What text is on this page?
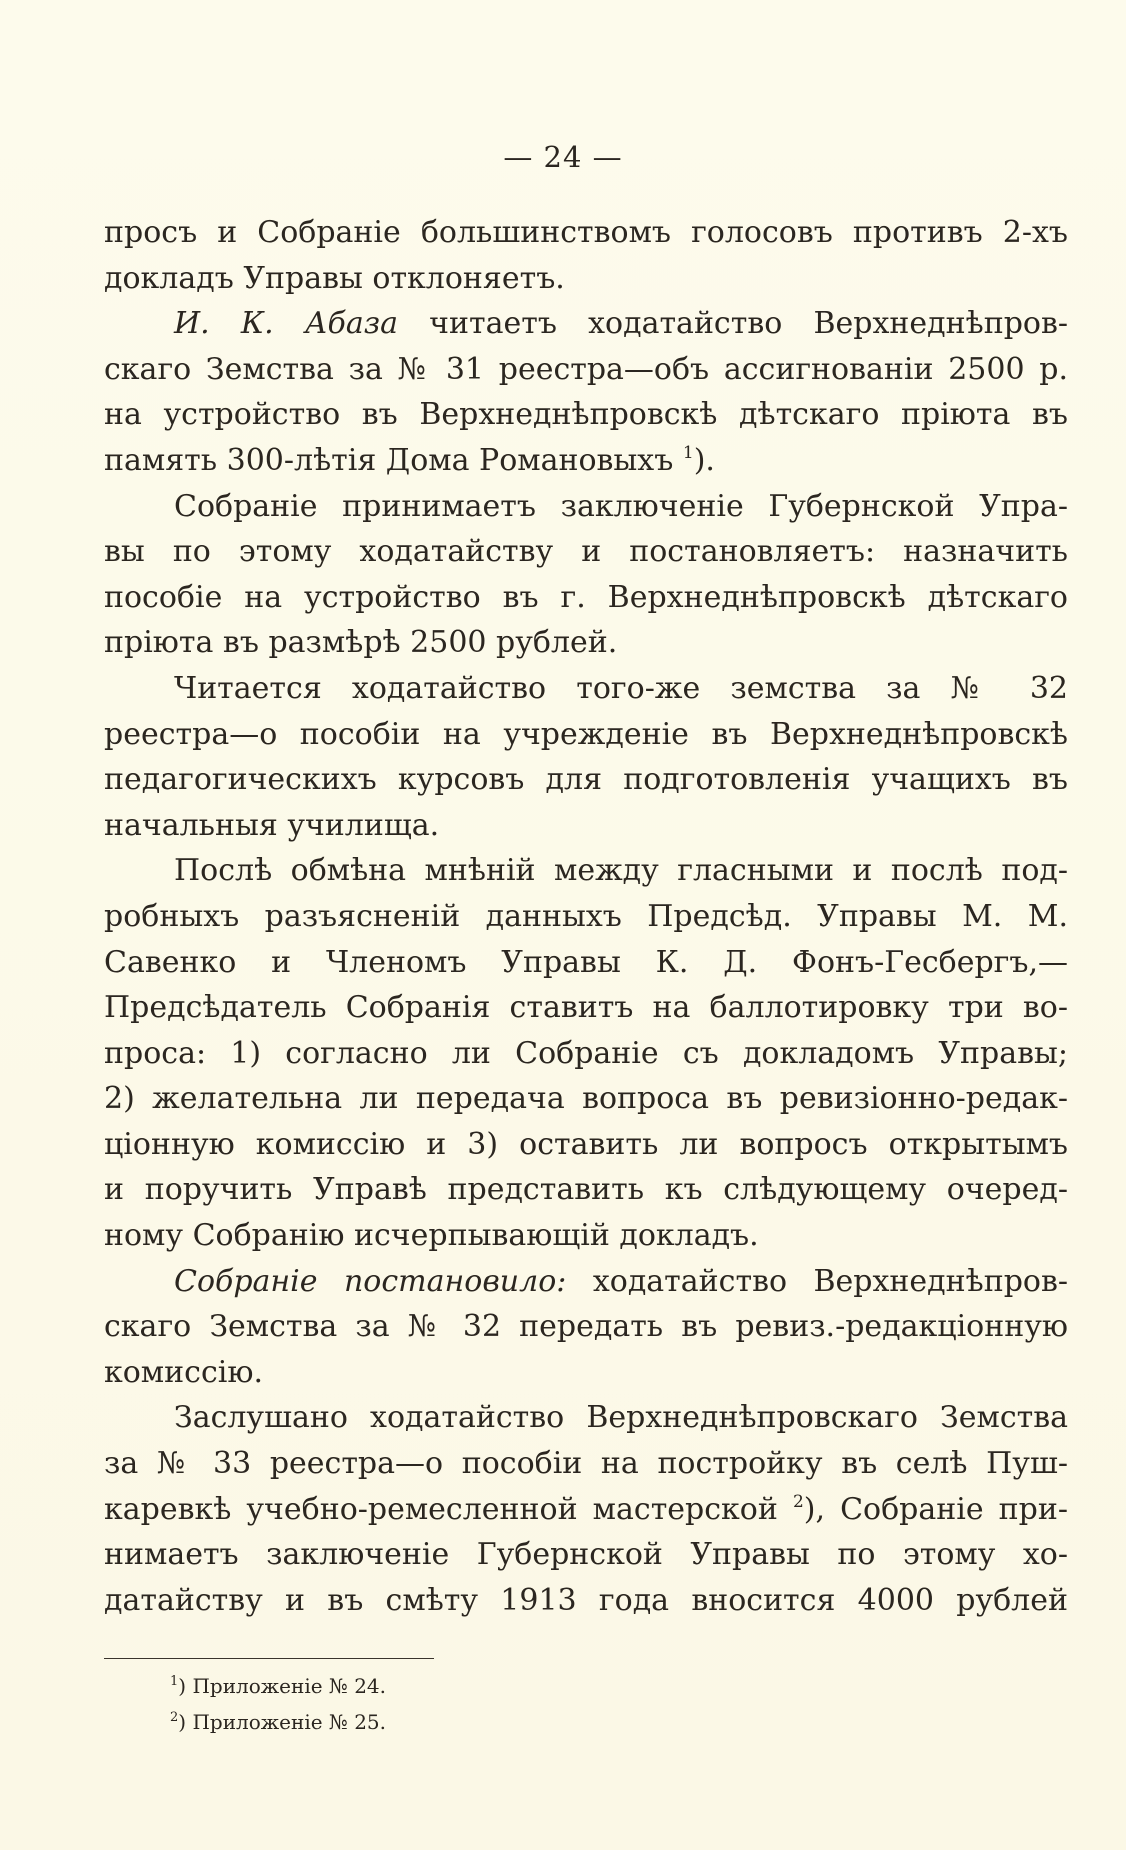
— 24 —

просъ и Собраніе большинствомъ голосовъ противъ 2-хъ
докладъ Управы отклоняетъ.

И. К. Абаза читаетъ ходатайство Верхнеднѣпров-
скаго Земства за № 31 реестра—объ ассигнованіи 2500 р.
на устройство въ Верхнеднѣпровскѣ дѣтскаго пріюта въ
память 300-лѣтія Дома Романовыхъ $^1$).

Собраніе принимаетъ заключеніе Губернской Упра-
вы по этому ходатайству и постановляетъ: назначить
пособіе на устройство въ г. Верхнеднѣпровскѣ дѣтскаго
пріюта въ размѣрѣ 2500 рублей.

Читается ходатайство того-же земства за № 32
реестра—о пособіи на учрежденіе въ Верхнеднѣпровскѣ
педагогическихъ курсовъ для подготовленія учащихъ въ
начальныя училища.

Послѣ обмѣна мнѣній между гласными и послѣ под-
робныхъ разъясненій данныхъ Предсѣд. Управы М. М.
Савенко и Членомъ Управы К. Д. Фонъ-Гесбергъ,—
Предсѣдатель Собранія ставитъ на баллотировку три во-
проса: 1) согласно ли Собраніе съ докладомъ Управы;
2) желательна ли передача вопроса въ ревизіонно-редак-
ціонную комиссію и 3) оставить ли вопросъ открытымъ
и поручить Управѣ представить къ слѣдующему очеред-
ному Собранію исчерпывающій докладъ.

Собраніе постановило: ходатайство Верхнеднѣпров-
скаго Земства за № 32 передать въ ревиз.-редакціонную
комиссію.

Заслушано ходатайство Верхнеднѣпровскаго Земства
за № 33 реестра—о пособіи на постройку въ селѣ Пуш-
каревкѣ учебно-ремесленной мастерской $^2$), Собраніе при-
нимаетъ заключеніе Губернской Управы по этому хо-
датайству и въ смѣту 1913 года вносится 4000 рублей

$^1$) Приложеніе № 24.
$^2$) Приложеніе № 25.
